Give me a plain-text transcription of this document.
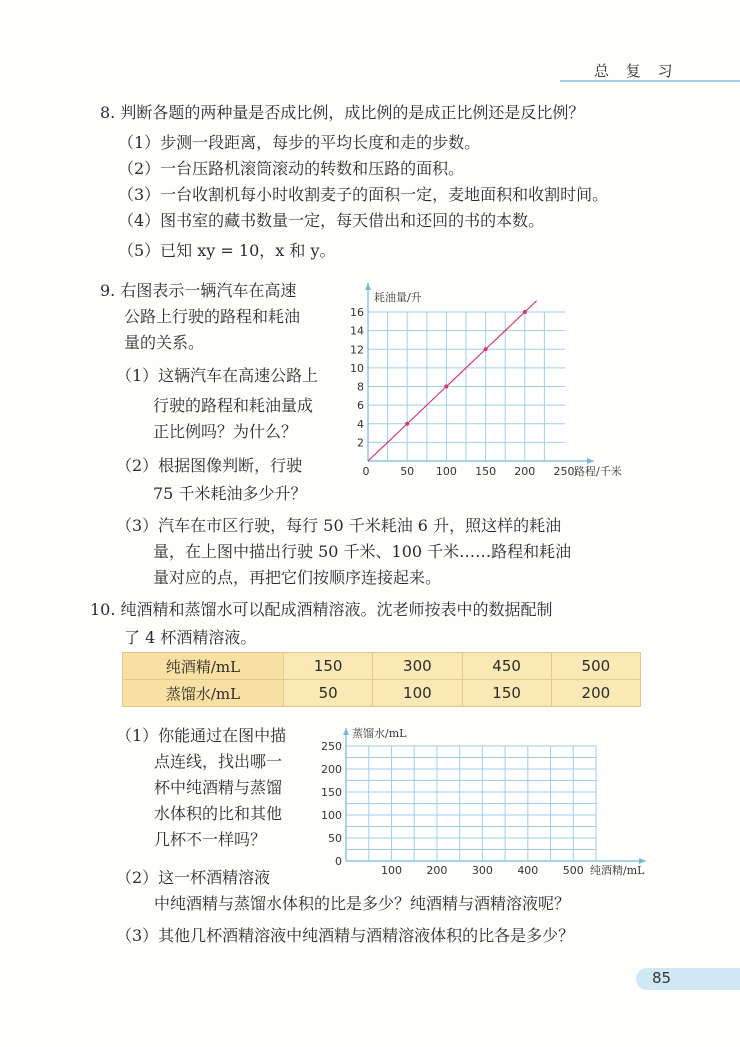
总 复 习
8. 判断各题的两种量是否成比例，成比例的是成正比例还是反比例？
（1）步测一段距离，每步的平均长度和走的步数。
（2）一台压路机滚筒滚动的转数和压路的面积。
（3）一台收割机每小时收割麦子的面积一定，麦地面积和收割时间。
（4）图书室的藏书数量一定，每天借出和还回的书的本数。
（5）已知 xy = 10，x 和 y。
9. 右图表示一辆汽车在高速
公路上行驶的路程和耗油
量的关系。
（1）这辆汽车在高速公路上
行驶的路程和耗油量成
正比例吗？为什么？
（2）根据图像判断，行驶
75 千米耗油多少升？
（3）汽车在市区行驶，每行 50 千米耗油 6 升，照这样的耗油
量，在上图中描出行驶 50 千米、100 千米……路程和耗油
量对应的点，再把它们按顺序连接起来。
2
4
6
8
10
12
14
16
0	50 100 150 200 250
耗油量/升
路程/千米
10. 纯酒精和蒸馏水可以配成酒精溶液。沈老师按表中的数据配制
了 4 杯酒精溶液。
纯酒精/mL	150	300	450	500
蒸馏水/mL	50	100	150	200
（1）你能通过在图中描
点连线，找出哪一
杯中纯酒精与蒸馏
水体积的比和其他
几杯不一样吗？
（2）这一杯酒精溶液
中纯酒精与蒸馏水体积的比是多少？纯酒精与酒精溶液呢？
（3）其他几杯酒精溶液中纯酒精与酒精溶液体积的比各是多少？
0
50
100
150
200
250
100 200 300 400 500
蒸馏水/mL
纯酒精/mL
85
